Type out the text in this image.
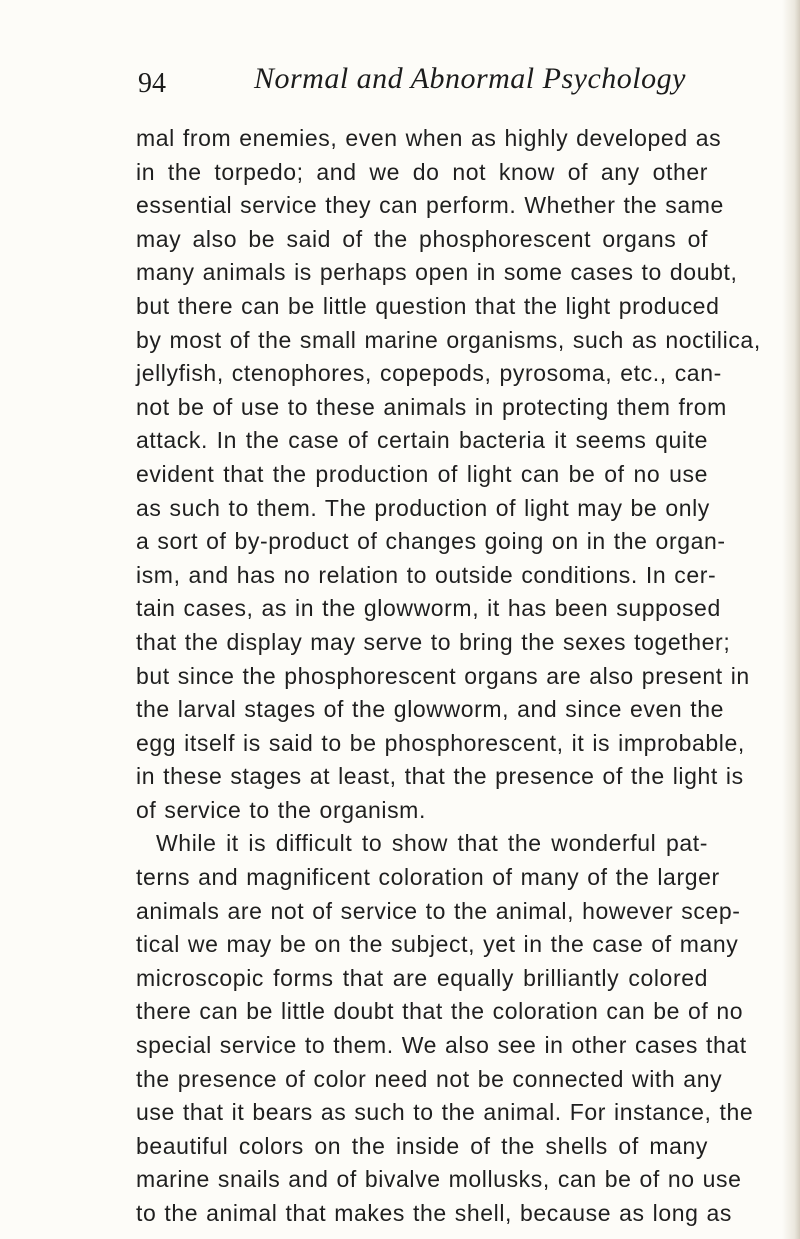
94	Normal and Abnormal Psychology
mal from enemies, even when as highly developed as
in the torpedo; and we do not know of any other
essential service they can perform. Whether the same
may also be said of the phosphorescent organs of
many animals is perhaps open in some cases to doubt,
but there can be little question that the light produced
by most of the small marine organisms, such as noctilica,
jellyfish, ctenophores, copepods, pyrosoma, etc., can-
not be of use to these animals in protecting them from
attack. In the case of certain bacteria it seems quite
evident that the production of light can be of no use
as such to them. The production of light may be only
a sort of by-product of changes going on in the organ-
ism, and has no relation to outside conditions. In cer-
tain cases, as in the glowworm, it has been supposed
that the display may serve to bring the sexes together;
but since the phosphorescent organs are also present in
the larval stages of the glowworm, and since even the
egg itself is said to be phosphorescent, it is improbable,
in these stages at least, that the presence of the light is
of service to the organism.
While it is difficult to show that the wonderful pat-
terns and magnificent coloration of many of the larger
animals are not of service to the animal, however scep-
tical we may be on the subject, yet in the case of many
microscopic forms that are equally brilliantly colored
there can be little doubt that the coloration can be of no
special service to them. We also see in other cases that
the presence of color need not be connected with any
use that it bears as such to the animal. For instance, the
beautiful colors on the inside of the shells of many
marine snails and of bivalve mollusks, can be of no use
to the animal that makes the shell, because as long as
